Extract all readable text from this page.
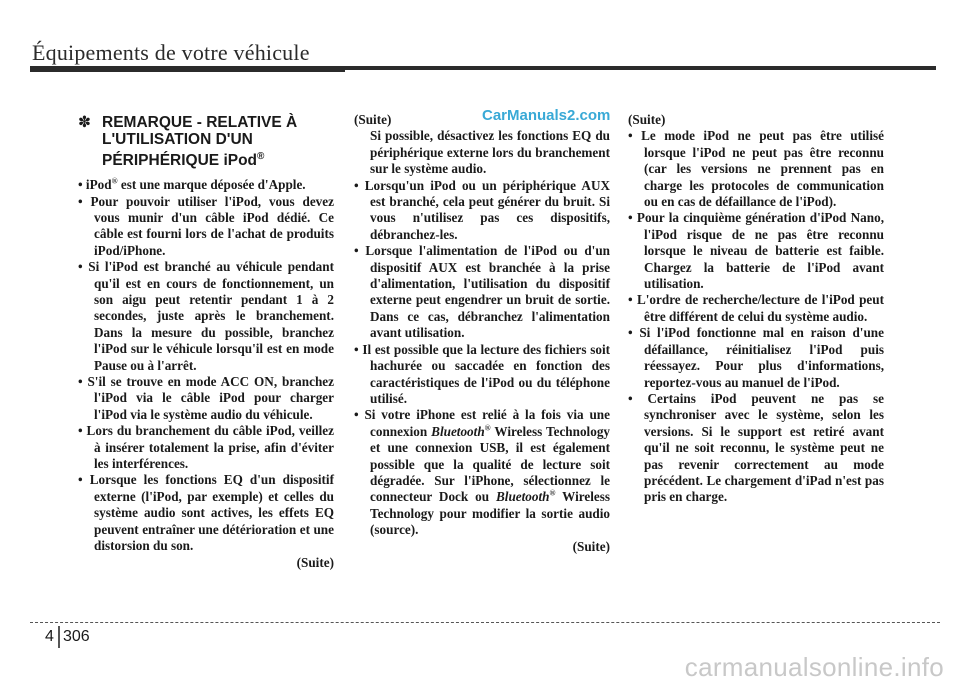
Équipements de votre véhicule
CarManuals2.com
✽ REMARQUE - RELATIVE À
L'UTILISATION D'UN
PÉRIPHÉRIQUE iPod®

• iPod® est une marque déposée d'Apple.

• Pour pouvoir utiliser l'iPod, vous devez vous munir d'un câble iPod dédié. Ce câble est fourni lors de l'achat de produits iPod/iPhone.

• Si l'iPod est branché au véhicule pendant qu'il est en cours de fonctionnement, un son aigu peut retentir pendant 1 à 2 secondes, juste après le branchement. Dans la mesure du possible, branchez l'iPod sur le véhicule lorsqu'il est en mode Pause ou à l'arrêt.

• S'il se trouve en mode ACC ON, branchez l'iPod via le câble iPod pour charger l'iPod via le système audio du véhicule.

• Lors du branchement du câble iPod, veillez à insérer totalement la prise, afin d'éviter les interférences.

• Lorsque les fonctions EQ d'un dispositif externe (l'iPod, par exemple) et celles du système audio sont actives, les effets EQ peuvent entraîner une détérioration et une distorsion du son.

(Suite)

(Suite)

Si possible, désactivez les fonctions EQ du périphérique externe lors du branchement sur le système audio.

• Lorsqu'un iPod ou un périphérique AUX est branché, cela peut générer du bruit. Si vous n'utilisez pas ces dispositifs, débranchez-les.

• Lorsque l'alimentation de l'iPod ou d'un dispositif AUX est branchée à la prise d'alimentation, l'utilisation du dispositif externe peut engendrer un bruit de sortie. Dans ce cas, débranchez l'alimentation avant utilisation.

• Il est possible que la lecture des fichiers soit hachurée ou saccadée en fonction des caractéristiques de l'iPod ou du téléphone utilisé.

• Si votre iPhone est relié à la fois via une connexion Bluetooth® Wireless Technology et une connexion USB, il est également possible que la qualité de lecture soit dégradée. Sur l'iPhone, sélectionnez le connecteur Dock ou Bluetooth® Wireless Technology pour modifier la sortie audio (source).

(Suite)

(Suite)

• Le mode iPod ne peut pas être utilisé lorsque l'iPod ne peut pas être reconnu (car les versions ne prennent pas en charge les protocoles de communication ou en cas de défaillance de l'iPod).

• Pour la cinquième génération d'iPod Nano, l'iPod risque de ne pas être reconnu lorsque le niveau de batterie est faible. Chargez la batterie de l'iPod avant utilisation.

• L'ordre de recherche/lecture de l'iPod peut être différent de celui du système audio.

• Si l'iPod fonctionne mal en raison d'une défaillance, réinitialisez l'iPod puis réessayez. Pour plus d'informations, reportez-vous au manuel de l'iPod.

• Certains iPod peuvent ne pas se synchroniser avec le système, selon les versions. Si le support est retiré avant qu'il ne soit reconnu, le système peut ne pas revenir correctement au mode précédent. Le chargement d'iPad n'est pas pris en charge.

4 306
carmanualsonline.info
